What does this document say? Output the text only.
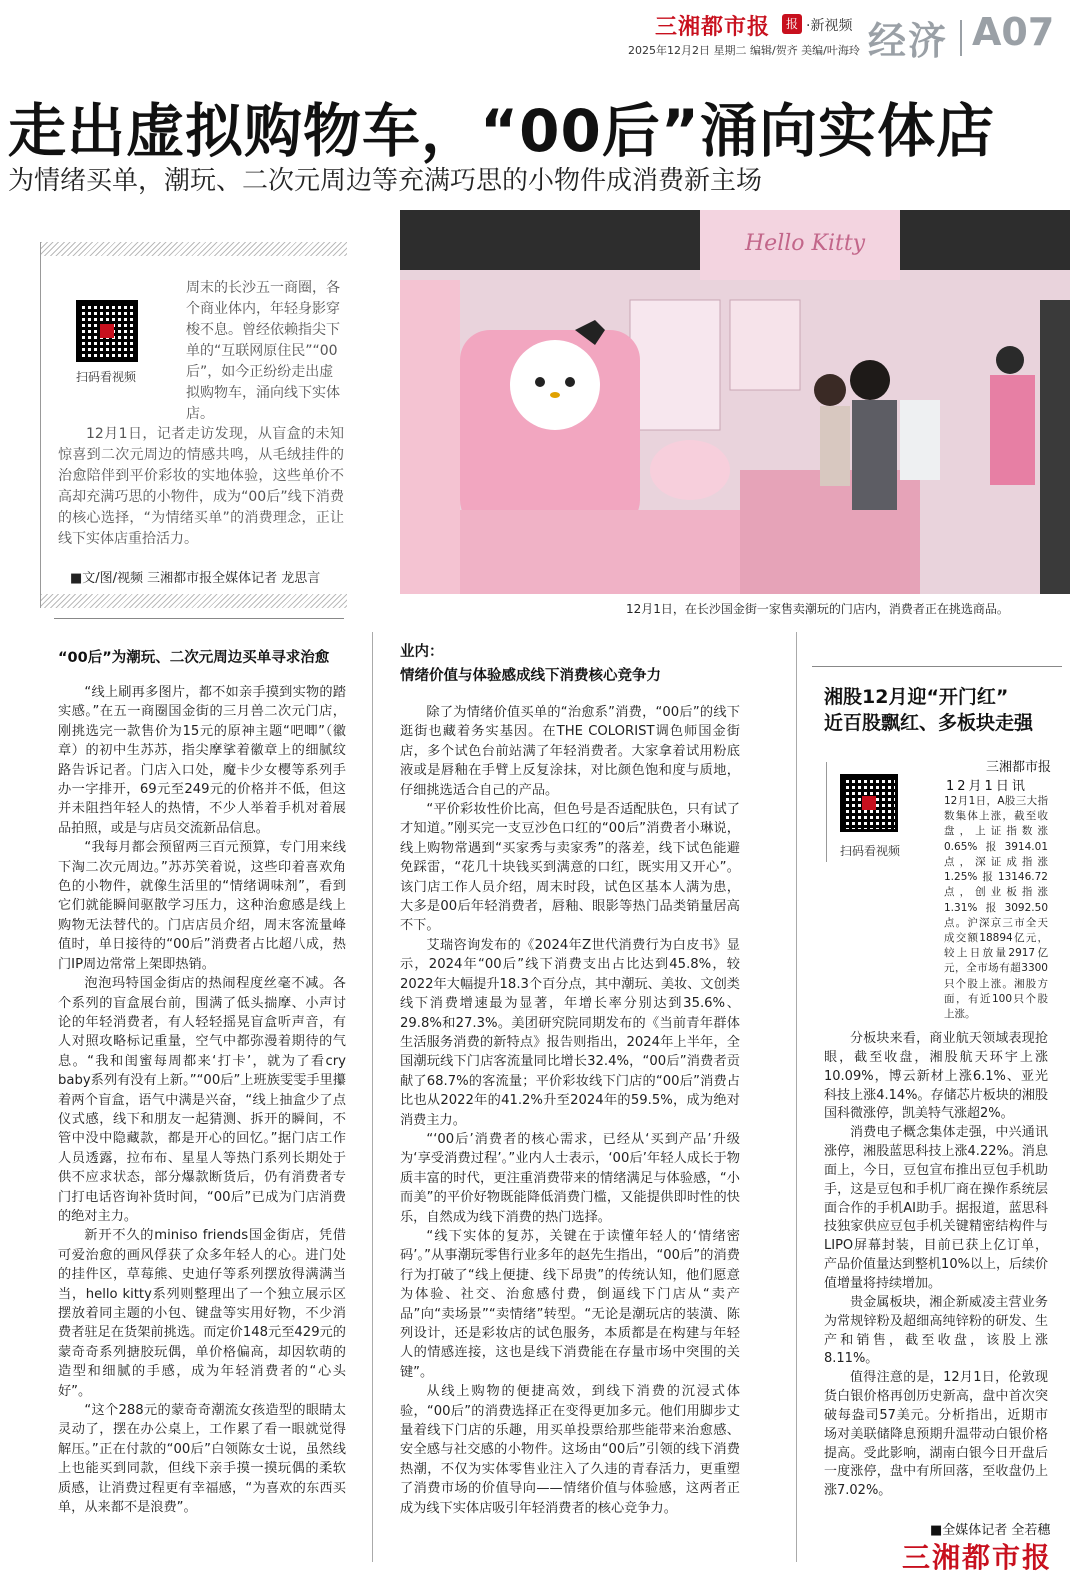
三湘都市报	报 ·新视频
2025年12月2日 星期二 编辑/贺齐 美编/叶海玲 经济 A07
走出虚拟购物车，“00后”涌向实体店
为情绪买单，潮玩、二次元周边等充满巧思的小物件成消费新主场
扫码看视频
周末的长沙五一商圈，各个商业体内，年轻身影穿梭不息。曾经依赖指尖下单的“互联网原住民”“00后”，如今正纷纷走出虚拟购物车，涌向线下实体店。
12月1日，记者走访发现，从盲盒的未知惊喜到二次元周边的情感共鸣，从毛绒挂件的治愈陪伴到平价彩妆的实地体验，这些单价不高却充满巧思的小物件，成为“00后”线下消费的核心选择，“为情绪买单”的消费理念，正让线下实体店重拾活力。
■文/图/视频 三湘都市报全媒体记者 龙思言
Hello Kitty
12月1日，在长沙国金街一家售卖潮玩的门店内，消费者正在挑选商品。
“00后”为潮玩、二次元周边买单寻求治愈

“线上刷再多图片，都不如亲手摸到实物的踏实感。”在五一商圈国金街的三月兽二次元门店，刚挑选完一款售价为15元的原神主题“吧唧”（徽章）的初中生苏苏，指尖摩挲着徽章上的细腻纹路告诉记者。门店入口处，魔卡少女樱等系列手办一字排开，69元至249元的价格并不低，但这并未阻挡年轻人的热情，不少人举着手机对着展品拍照，或是与店员交流新品信息。

“我每月都会预留两三百元预算，专门用来线下淘二次元周边。”苏苏笑着说，这些印着喜欢角色的小物件，就像生活里的“情绪调味剂”，看到它们就能瞬间驱散学习压力，这种治愈感是线上购物无法替代的。门店店员介绍，周末客流量峰值时，单日接待的“00后”消费者占比超八成，热门IP周边常常上架即热销。

泡泡玛特国金街店的热闹程度丝毫不减。各个系列的盲盒展台前，围满了低头揣摩、小声讨论的年轻消费者，有人轻轻摇晃盲盒听声音，有人对照攻略标记重量，空气中都弥漫着期待的气息。“我和闺蜜每周都来‘打卡’，就为了看cry baby系列有没有上新。”“00后”上班族雯雯手里攥着两个盲盒，语气中满是兴奋，“线上抽盒少了点仪式感，线下和朋友一起猜测、拆开的瞬间，不管中没中隐藏款，都是开心的回忆。”据门店工作人员透露，拉布布、星星人等热门系列长期处于供不应求状态，部分爆款断货后，仍有消费者专门打电话咨询补货时间，“00后”已成为门店消费的绝对主力。

新开不久的miniso friends国金街店，凭借可爱治愈的画风俘获了众多年轻人的心。进门处的挂件区，草莓熊、史迪仔等系列摆放得满满当当，hello kitty系列则整理出了一个独立展示区摆放着同主题的小包、键盘等实用好物，不少消费者驻足在货架前挑选。而定价148元至429元的蒙奇奇系列搪胶玩偶，单价格偏高，却因软萌的造型和细腻的手感，成为年轻消费者的“心头好”。

“这个288元的蒙奇奇潮流女孩造型的眼睛太灵动了，摆在办公桌上，工作累了看一眼就觉得解压。”正在付款的“00后”白领陈女士说，虽然线上也能买到同款，但线下亲手摸一摸玩偶的柔软质感，让消费过程更有幸福感，“为喜欢的东西买单，从来都不是浪费”。

业内：
情绪价值与体验感成线下消费核心竞争力

除了为情绪价值买单的“治愈系”消费，“00后”的线下逛街也藏着务实基因。在THE COLORIST调色师国金街店，多个试色台前站满了年轻消费者。大家拿着试用粉底液或是唇釉在手臂上反复涂抹，对比颜色饱和度与质地，仔细挑选适合自己的产品。

“平价彩妆性价比高，但色号是否适配肤色，只有试了才知道。”刚买完一支豆沙色口红的“00后”消费者小琳说，线上购物常遇到“买家秀与卖家秀”的落差，线下试色能避免踩雷，“花几十块钱买到满意的口红，既实用又开心”。该门店工作人员介绍，周末时段，试色区基本人满为患，大多是00后年轻消费者，唇釉、眼影等热门品类销量居高不下。

艾瑞咨询发布的《2024年Z世代消费行为白皮书》显示，2024年“00后”线下消费支出占比达到45.8%，较2022年大幅提升18.3个百分点，其中潮玩、美妆、文创类线下消费增速最为显著，年增长率分别达到35.6%、29.8%和27.3%。美团研究院同期发布的《当前青年群体生活服务消费的新特点》报告则指出，2024年上半年，全国潮玩线下门店客流量同比增长32.4%，“00后”消费者贡献了68.7%的客流量；平价彩妆线下门店的“00后”消费占比也从2022年的41.2%升至2024年的59.5%，成为绝对消费主力。

“‘00后’消费者的核心需求，已经从‘买到产品’升级为‘享受消费过程’。”业内人士表示，‘00后’年轻人成长于物质丰富的时代，更注重消费带来的情绪满足与体验感，“小而美”的平价好物既能降低消费门槛，又能提供即时性的快乐，自然成为线下消费的热门选择。

“线下实体的复苏，关键在于读懂年轻人的‘情绪密码’。”从事潮玩零售行业多年的赵先生指出，“00后”的消费行为打破了“线上便捷、线下昂贵”的传统认知，他们愿意为体验、社交、治愈感付费，倒逼线下门店从“卖产品”向“卖场景”“卖情绪”转型。“无论是潮玩店的装潢、陈列设计，还是彩妆店的试色服务，本质都是在构建与年轻人的情感连接，这也是线下消费能在存量市场中突围的关键”。

从线上购物的便捷高效，到线下消费的沉浸式体验，“00后”的消费选择正在变得更加多元。他们用脚步丈量着线下门店的乐趣，用买单投票给那些能带来治愈感、安全感与社交感的小物件。这场由“00后”引领的线下消费热潮，不仅为实体零售业注入了久违的青春活力，更重塑了消费市场的价值导向——情绪价值与体验感，这两者正成为线下实体店吸引年轻消费者的核心竞争力。

湘股12月迎“开门红”
近百股飘红、多板块走强
三湘都市报
12月1日讯
扫码看视频

12月1日，A股三大指数集体上涨，截至收盘，上证指数涨0.65%报3914.01点，深证成指涨1.25%报13146.72点，创业板指涨1.31%报3092.50点。沪深京三市全天成交额18894亿元，较上日放量2917亿元，全市场有超3300只个股上涨。湘股方面，有近100只个股上涨。

分板块来看，商业航天领域表现抢眼，截至收盘，湘股航天环宇上涨10.09%，博云新材上涨6.1%、亚光科技上涨4.14%。存储芯片板块的湘股国科微涨停，凯美特气涨超2%。

消费电子概念集体走强，中兴通讯涨停，湘股蓝思科技上涨4.22%。消息面上，今日，豆包宣布推出豆包手机助手，这是豆包和手机厂商在操作系统层面合作的手机AI助手。据报道，蓝思科技独家供应豆包手机关键精密结构件与LIPO屏幕封装，目前已获上亿订单，产品价值量达到整机10%以上，后续价值增量将持续增加。

贵金属板块，湘企新威凌主营业务为常规锌粉及超细高纯锌粉的研发、生产和销售，截至收盘，该股上涨8.11%。

值得注意的是，12月1日，伦敦现货白银价格再创历史新高，盘中首次突破每盎司57美元。分析指出，近期市场对美联储降息预期升温带动白银价格提高。受此影响，湖南白银今日开盘后一度涨停，盘中有所回落，至收盘仍上涨7.02%。

三湘都市报
■全媒体记者 全若穗
